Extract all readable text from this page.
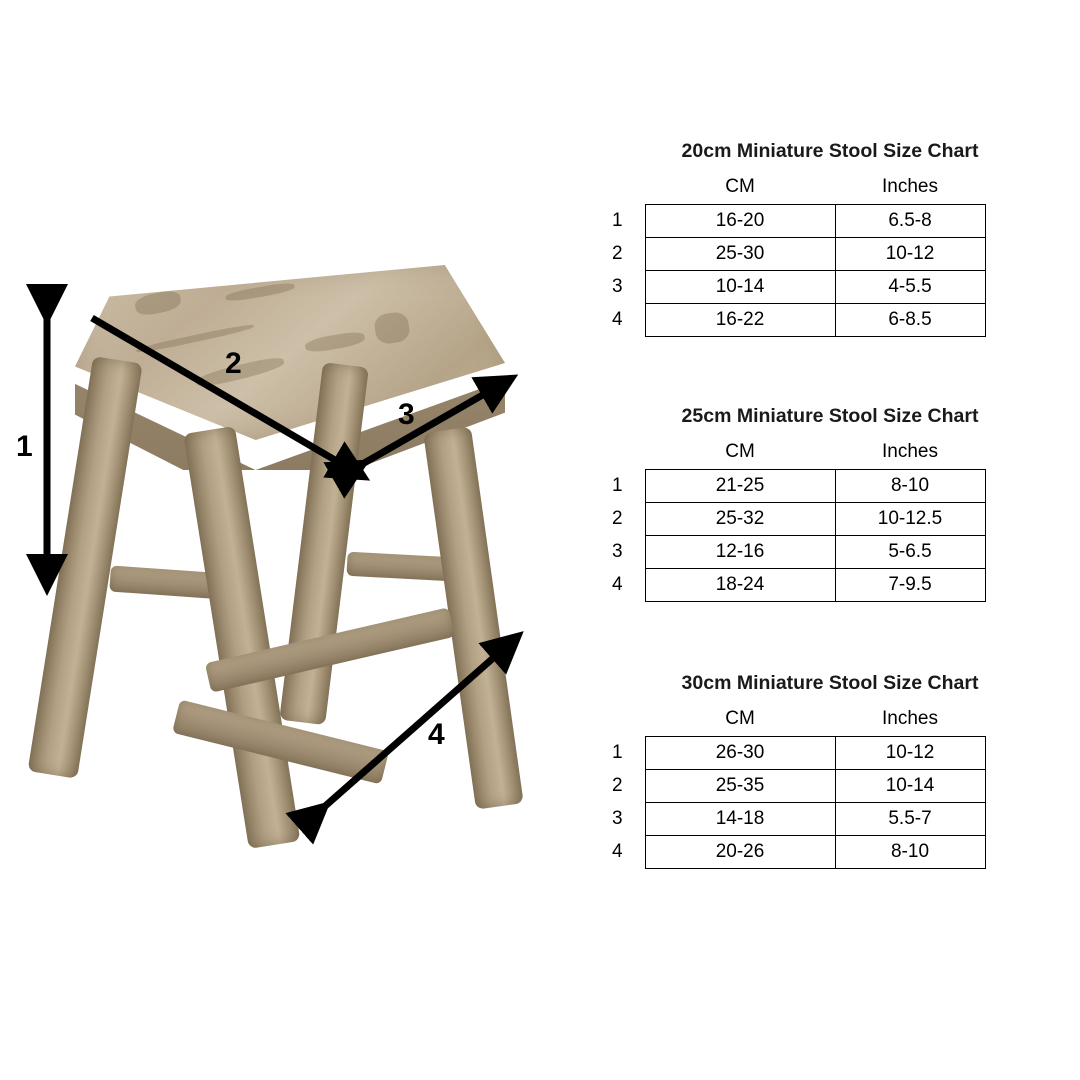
1
2
3
4
20cm Miniature Stool Size Chart
	CM	Inches
1	16-20	6.5-8
2	25-30	10-12
3	10-14	4-5.5
4	16-22	6-8.5
25cm Miniature Stool Size Chart
	CM	Inches
1	21-25	8-10
2	25-32	10-12.5
3	12-16	5-6.5
4	18-24	7-9.5
30cm Miniature Stool Size Chart
	CM	Inches
1	26-30	10-12
2	25-35	10-14
3	14-18	5.5-7
4	20-26	8-10
